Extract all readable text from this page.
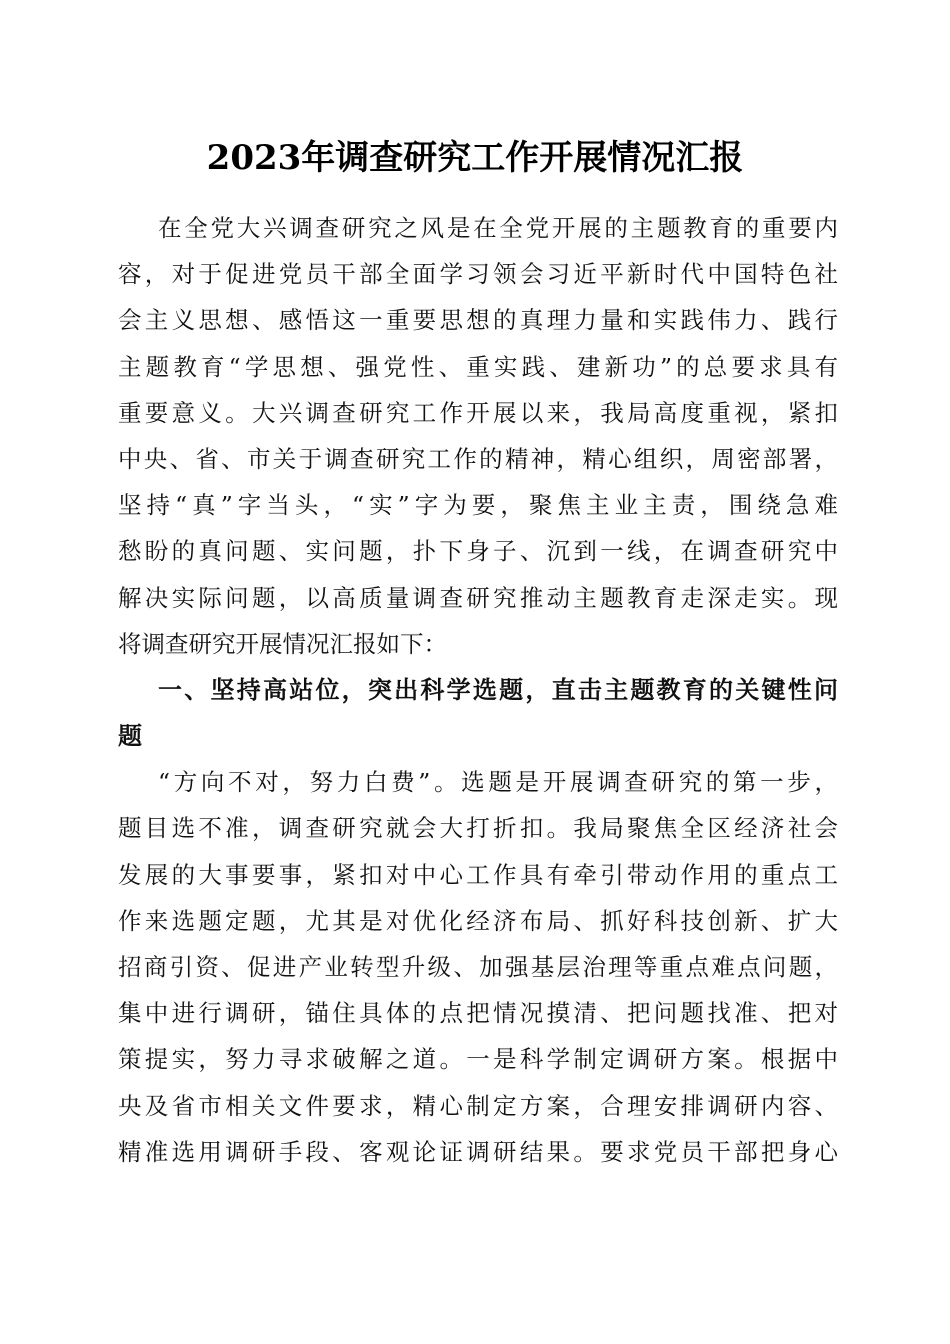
2023年调查研究工作开展情况汇报
在全党大兴调查研究之风是在全党开展的主题教育的重要内
容，对于促进党员干部全面学习领会习近平新时代中国特色社
会主义思想、感悟这一重要思想的真理力量和实践伟力、践行
主题教育“学思想、强党性、重实践、建新功”的总要求具有
重要意义。大兴调查研究工作开展以来，我局高度重视，紧扣
中央、省、市关于调查研究工作的精神，精心组织，周密部署，
坚持“真”字当头，“实”字为要，聚焦主业主责，围绕急难
愁盼的真问题、实问题，扑下身子、沉到一线，在调查研究中
解决实际问题，以高质量调查研究推动主题教育走深走实。现
将调查研究开展情况汇报如下：
一、坚持高站位，突出科学选题，直击主题教育的关键性问
题
“方向不对，努力白费”。选题是开展调查研究的第一步，
题目选不准，调查研究就会大打折扣。我局聚焦全区经济社会
发展的大事要事，紧扣对中心工作具有牵引带动作用的重点工
作来选题定题，尤其是对优化经济布局、抓好科技创新、扩大
招商引资、促进产业转型升级、加强基层治理等重点难点问题，
集中进行调研，锚住具体的点把情况摸清、把问题找准、把对
策提实，努力寻求破解之道。一是科学制定调研方案。根据中
央及省市相关文件要求，精心制定方案，合理安排调研内容、
精准选用调研手段、客观论证调研结果。要求党员干部把身心
